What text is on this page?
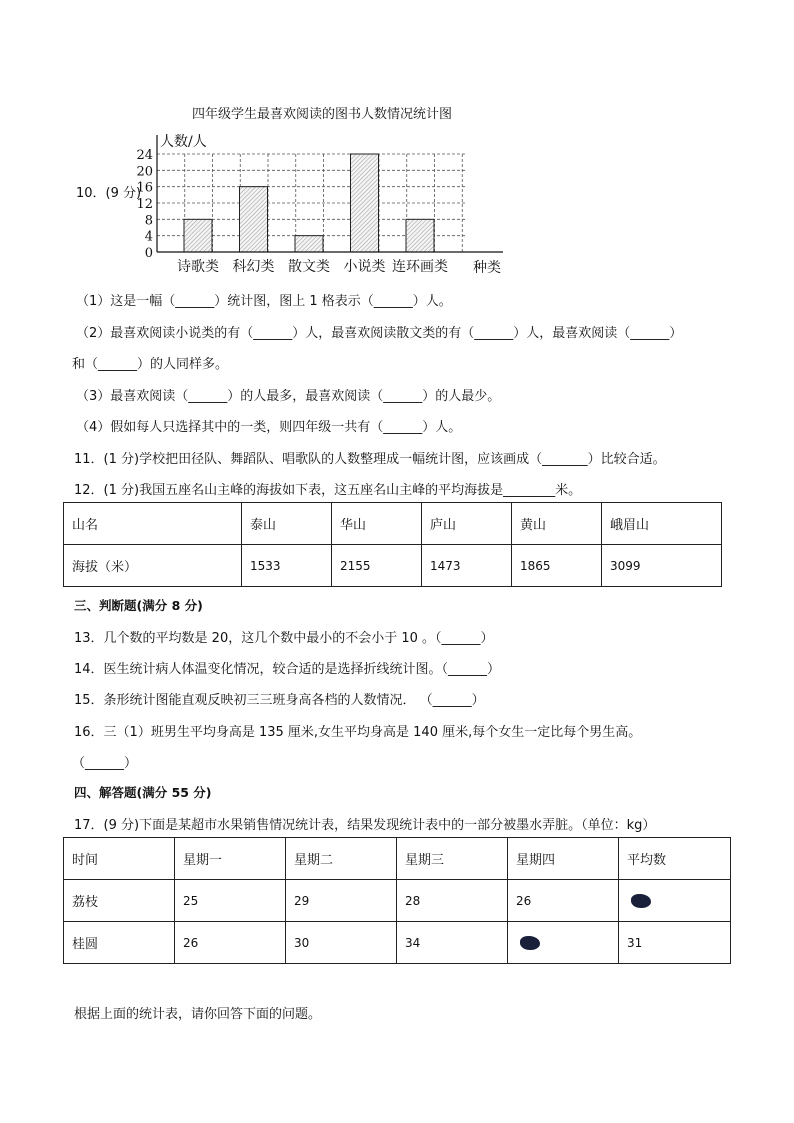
10．(9 分)
四年级学生最喜欢阅读的图书人数情况统计图
人数/人
种类
0
4
8
12
16
20
24
诗歌类 科幻类 散文类 小说类 连环画类
（1）这是一幅（______）统计图，图上 1 格表示（______）人。
（2）最喜欢阅读小说类的有（______）人，最喜欢阅读散文类的有（______）人，最喜欢阅读（______）
和（______）的人同样多。
（3）最喜欢阅读（______）的人最多，最喜欢阅读（______）的人最少。
（4）假如每人只选择其中的一类，则四年级一共有（______）人。
11．(1 分)学校把田径队、舞蹈队、唱歌队的人数整理成一幅统计图，应该画成（_______）比较合适。
12．(1 分)我国五座名山主峰的海拔如下表，这五座名山主峰的平均海拔是________米。
山名	泰山	华山	庐山	黄山	峨眉山
海拔（米）	1533	2155	1473	1865	3099
三、判断题(满分 8 分)
13．几个数的平均数是 20，这几个数中最小的不会小于 10 。（______）
14．医生统计病人体温变化情况，较合适的是选择折线统计图。（______）
15．条形统计图能直观反映初三三班身高各档的人数情况． （______）
16．三（1）班男生平均身高是 135 厘米,女生平均身高是 140 厘米,每个女生一定比每个男生高。
（______）
四、解答题(满分 55 分)
17．(9 分)下面是某超市水果销售情况统计表，结果发现统计表中的一部分被墨水弄脏。（单位：kg）
时间	星期一	星期二	星期三	星期四	平均数
荔枝	25	29	28	26	
桂圆	26	30	34		31
根据上面的统计表，请你回答下面的问题。
